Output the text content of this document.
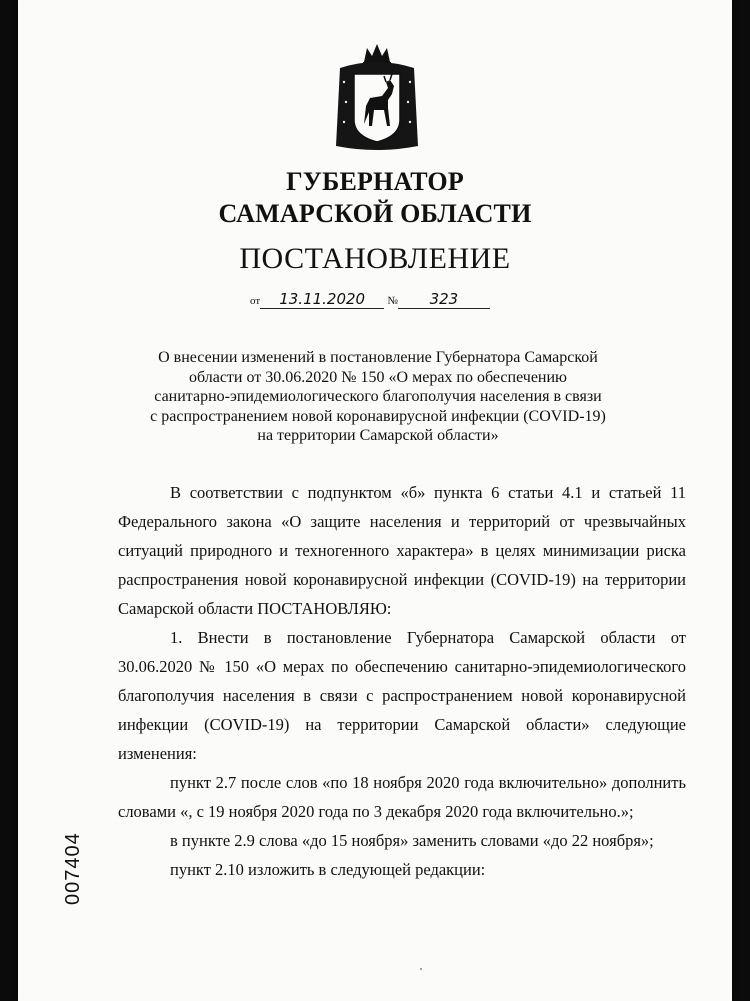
ГУБЕРНАТОР
САМАРСКОЙ ОБЛАСТИ
ПОСТАНОВЛЕНИЕ
от 13.11.2020 № 323
О внесении изменений в постановление Губернатора Самарской
области от 30.06.2020 № 150 «О мерах по обеспечению
санитарно-эпидемиологического благополучия населения в связи
с распространением новой коронавирусной инфекции (COVID-19)
на территории Самарской области»

В соответствии с подпунктом «б» пункта 6 статьи 4.1 и статьей 11 Федерального закона «О защите населения и территорий от чрезвычайных ситуаций природного и техногенного характера» в целях минимизации риска распространения новой коронавирусной инфекции (COVID-19) на территории Самарской области ПОСТАНОВЛЯЮ:

1. Внести в постановление Губернатора Самарской области от 30.06.2020 № 150 «О мерах по обеспечению санитарно-эпидемиологического благополучия населения в связи с распространением новой коронавирусной инфекции (COVID-19) на территории Самарской области» следующие изменения:

пункт 2.7 после слов «по 18 ноября 2020 года включительно» дополнить словами «, с 19 ноября 2020 года по 3 декабря 2020 года включительно.»;

в пункте 2.9 слова «до 15 ноября» заменить словами «до 22 ноября»;

пункт 2.10 изложить в следующей редакции:

007404
